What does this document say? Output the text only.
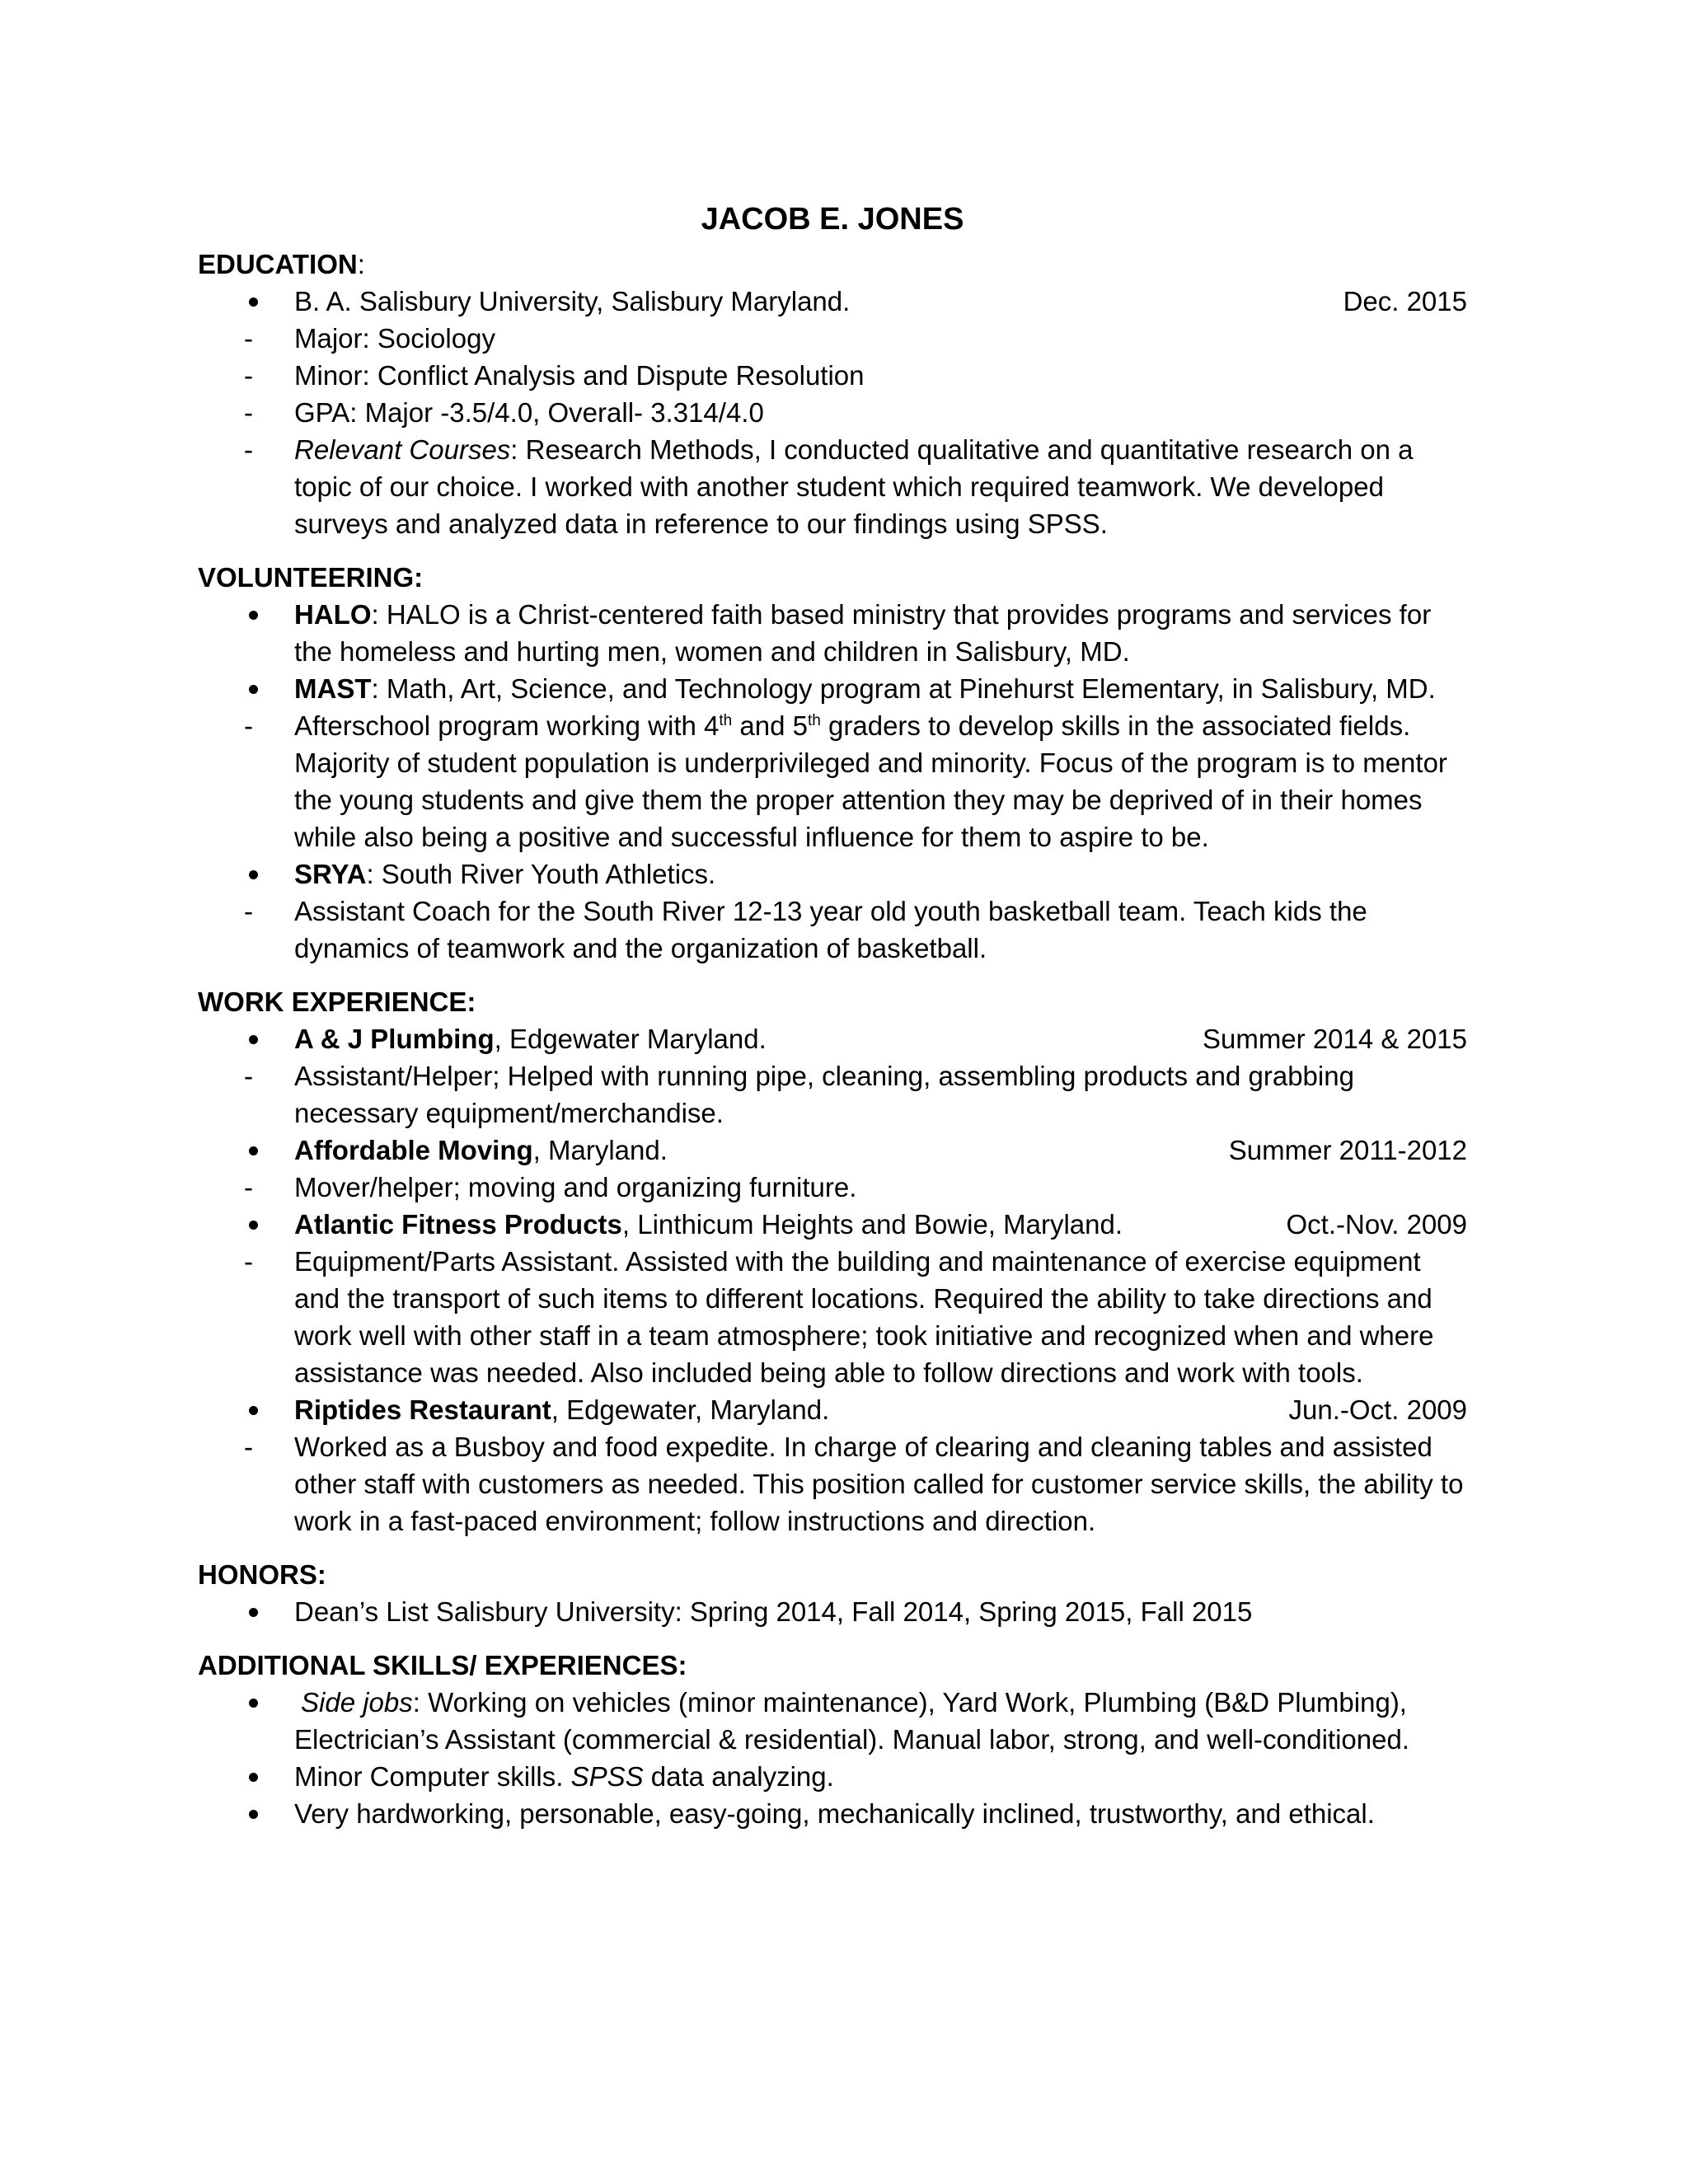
JACOB E. JONES
EDUCATION:
B. A. Salisbury University, Salisbury Maryland.	Dec. 2015
- Major: Sociology
- Minor: Conflict Analysis and Dispute Resolution
- GPA: Major -3.5/4.0, Overall- 3.314/4.0
- Relevant Courses: Research Methods, I conducted qualitative and quantitative research on a topic of our choice. I worked with another student which required teamwork. We developed surveys and analyzed data in reference to our findings using SPSS.
VOLUNTEERING:
HALO: HALO is a Christ-centered faith based ministry that provides programs and services for the homeless and hurting men, women and children in Salisbury, MD.
MAST: Math, Art, Science, and Technology program at Pinehurst Elementary, in Salisbury, MD.
- Afterschool program working with 4th and 5th graders to develop skills in the associated fields. Majority of student population is underprivileged and minority. Focus of the program is to mentor the young students and give them the proper attention they may be deprived of in their homes while also being a positive and successful influence for them to aspire to be.
SRYA: South River Youth Athletics.
- Assistant Coach for the South River 12-13 year old youth basketball team. Teach kids the dynamics of teamwork and the organization of basketball.
WORK EXPERIENCE:
A & J Plumbing, Edgewater Maryland.	Summer 2014 & 2015
- Assistant/Helper; Helped with running pipe, cleaning, assembling products and grabbing necessary equipment/merchandise.
Affordable Moving, Maryland.	Summer 2011-2012
- Mover/helper; moving and organizing furniture.
Atlantic Fitness Products, Linthicum Heights and Bowie, Maryland.	Oct.-Nov. 2009
- Equipment/Parts Assistant. Assisted with the building and maintenance of exercise equipment and the transport of such items to different locations. Required the ability to take directions and work well with other staff in a team atmosphere; took initiative and recognized when and where assistance was needed. Also included being able to follow directions and work with tools.
Riptides Restaurant, Edgewater, Maryland.	Jun.-Oct. 2009
- Worked as a Busboy and food expedite. In charge of clearing and cleaning tables and assisted other staff with customers as needed. This position called for customer service skills, the ability to work in a fast-paced environment; follow instructions and direction.
HONORS:
Dean’s List Salisbury University: Spring 2014, Fall 2014, Spring 2015, Fall 2015
ADDITIONAL SKILLS/ EXPERIENCES:
Side jobs: Working on vehicles (minor maintenance), Yard Work, Plumbing (B&D Plumbing), Electrician’s Assistant (commercial & residential). Manual labor, strong, and well-conditioned.
Minor Computer skills. SPSS data analyzing.
Very hardworking, personable, easy-going, mechanically inclined, trustworthy, and ethical.
